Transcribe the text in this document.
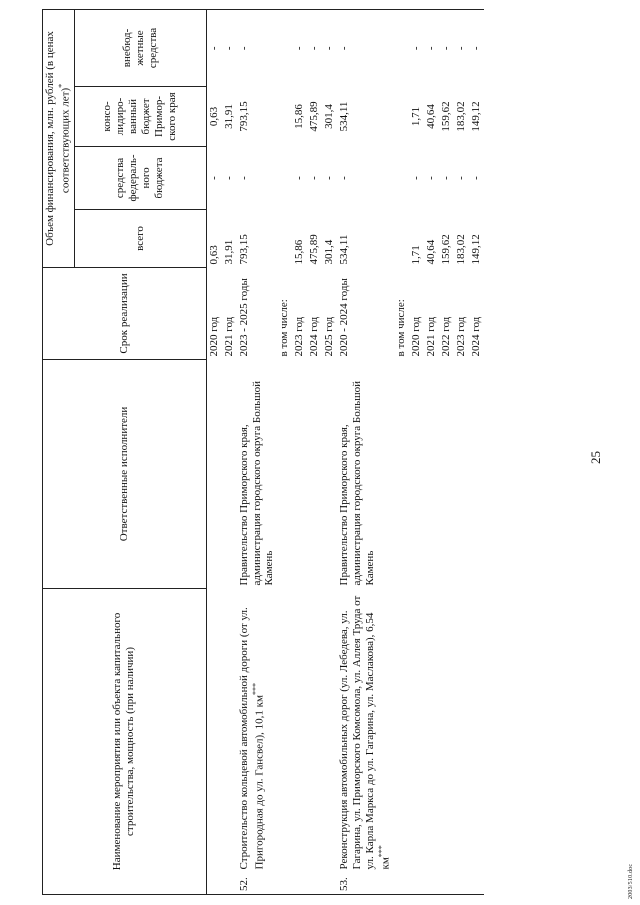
25
Наименование мероприятия или объекта капитального строительства, мощность (при наличии)		Ответственные исполнители	Срок реализации	Объем финансирования, млн. рублей (в ценах соответствующих лет)*
				всего	средства федераль-ного бюджета	консо-лидиро-ванный бюджет Примор-ского края	внебюд-жетные средства
			2020 год	0,63	-	0,63	-
			2021 год	31,91	-	31,91	-
52.	Строительство кольцевой автомобильной дороги (от ул. Пригородная до ул. Гансвел), 10,1 км***	Правительство Приморского края, администрация городского округа Большой Камень	2023 - 2025 годы	793,15	-	793,15	-
			в том числе:				
			2023 год	15,86	-	15,86	-
			2024 год	475,89	-	475,89	-
			2025 год	301,4	-	301,4	-
53.	Реконструкция автомобильных дорог (ул. Лебедева, ул. Гагарина, ул. Приморского Комсомола, ул. Аллея Труда от ул. Карла Маркса до ул. Гагарина, ул. Маслакова), 6,54 км***	Правительство Приморского края, администрация городского округа Большой Камень	2020 - 2024 годы	534,11	-	534,11	-
			в том числе:				
			2020 год	1,71	-	1,71	-
			2021 год	40,64	-	40,64	-
			2022 год	159,62	-	159,62	-
			2023 год	183,02	-	183,02	-
			2024 год	149,12	-	149,12	-
2003/510.doc
